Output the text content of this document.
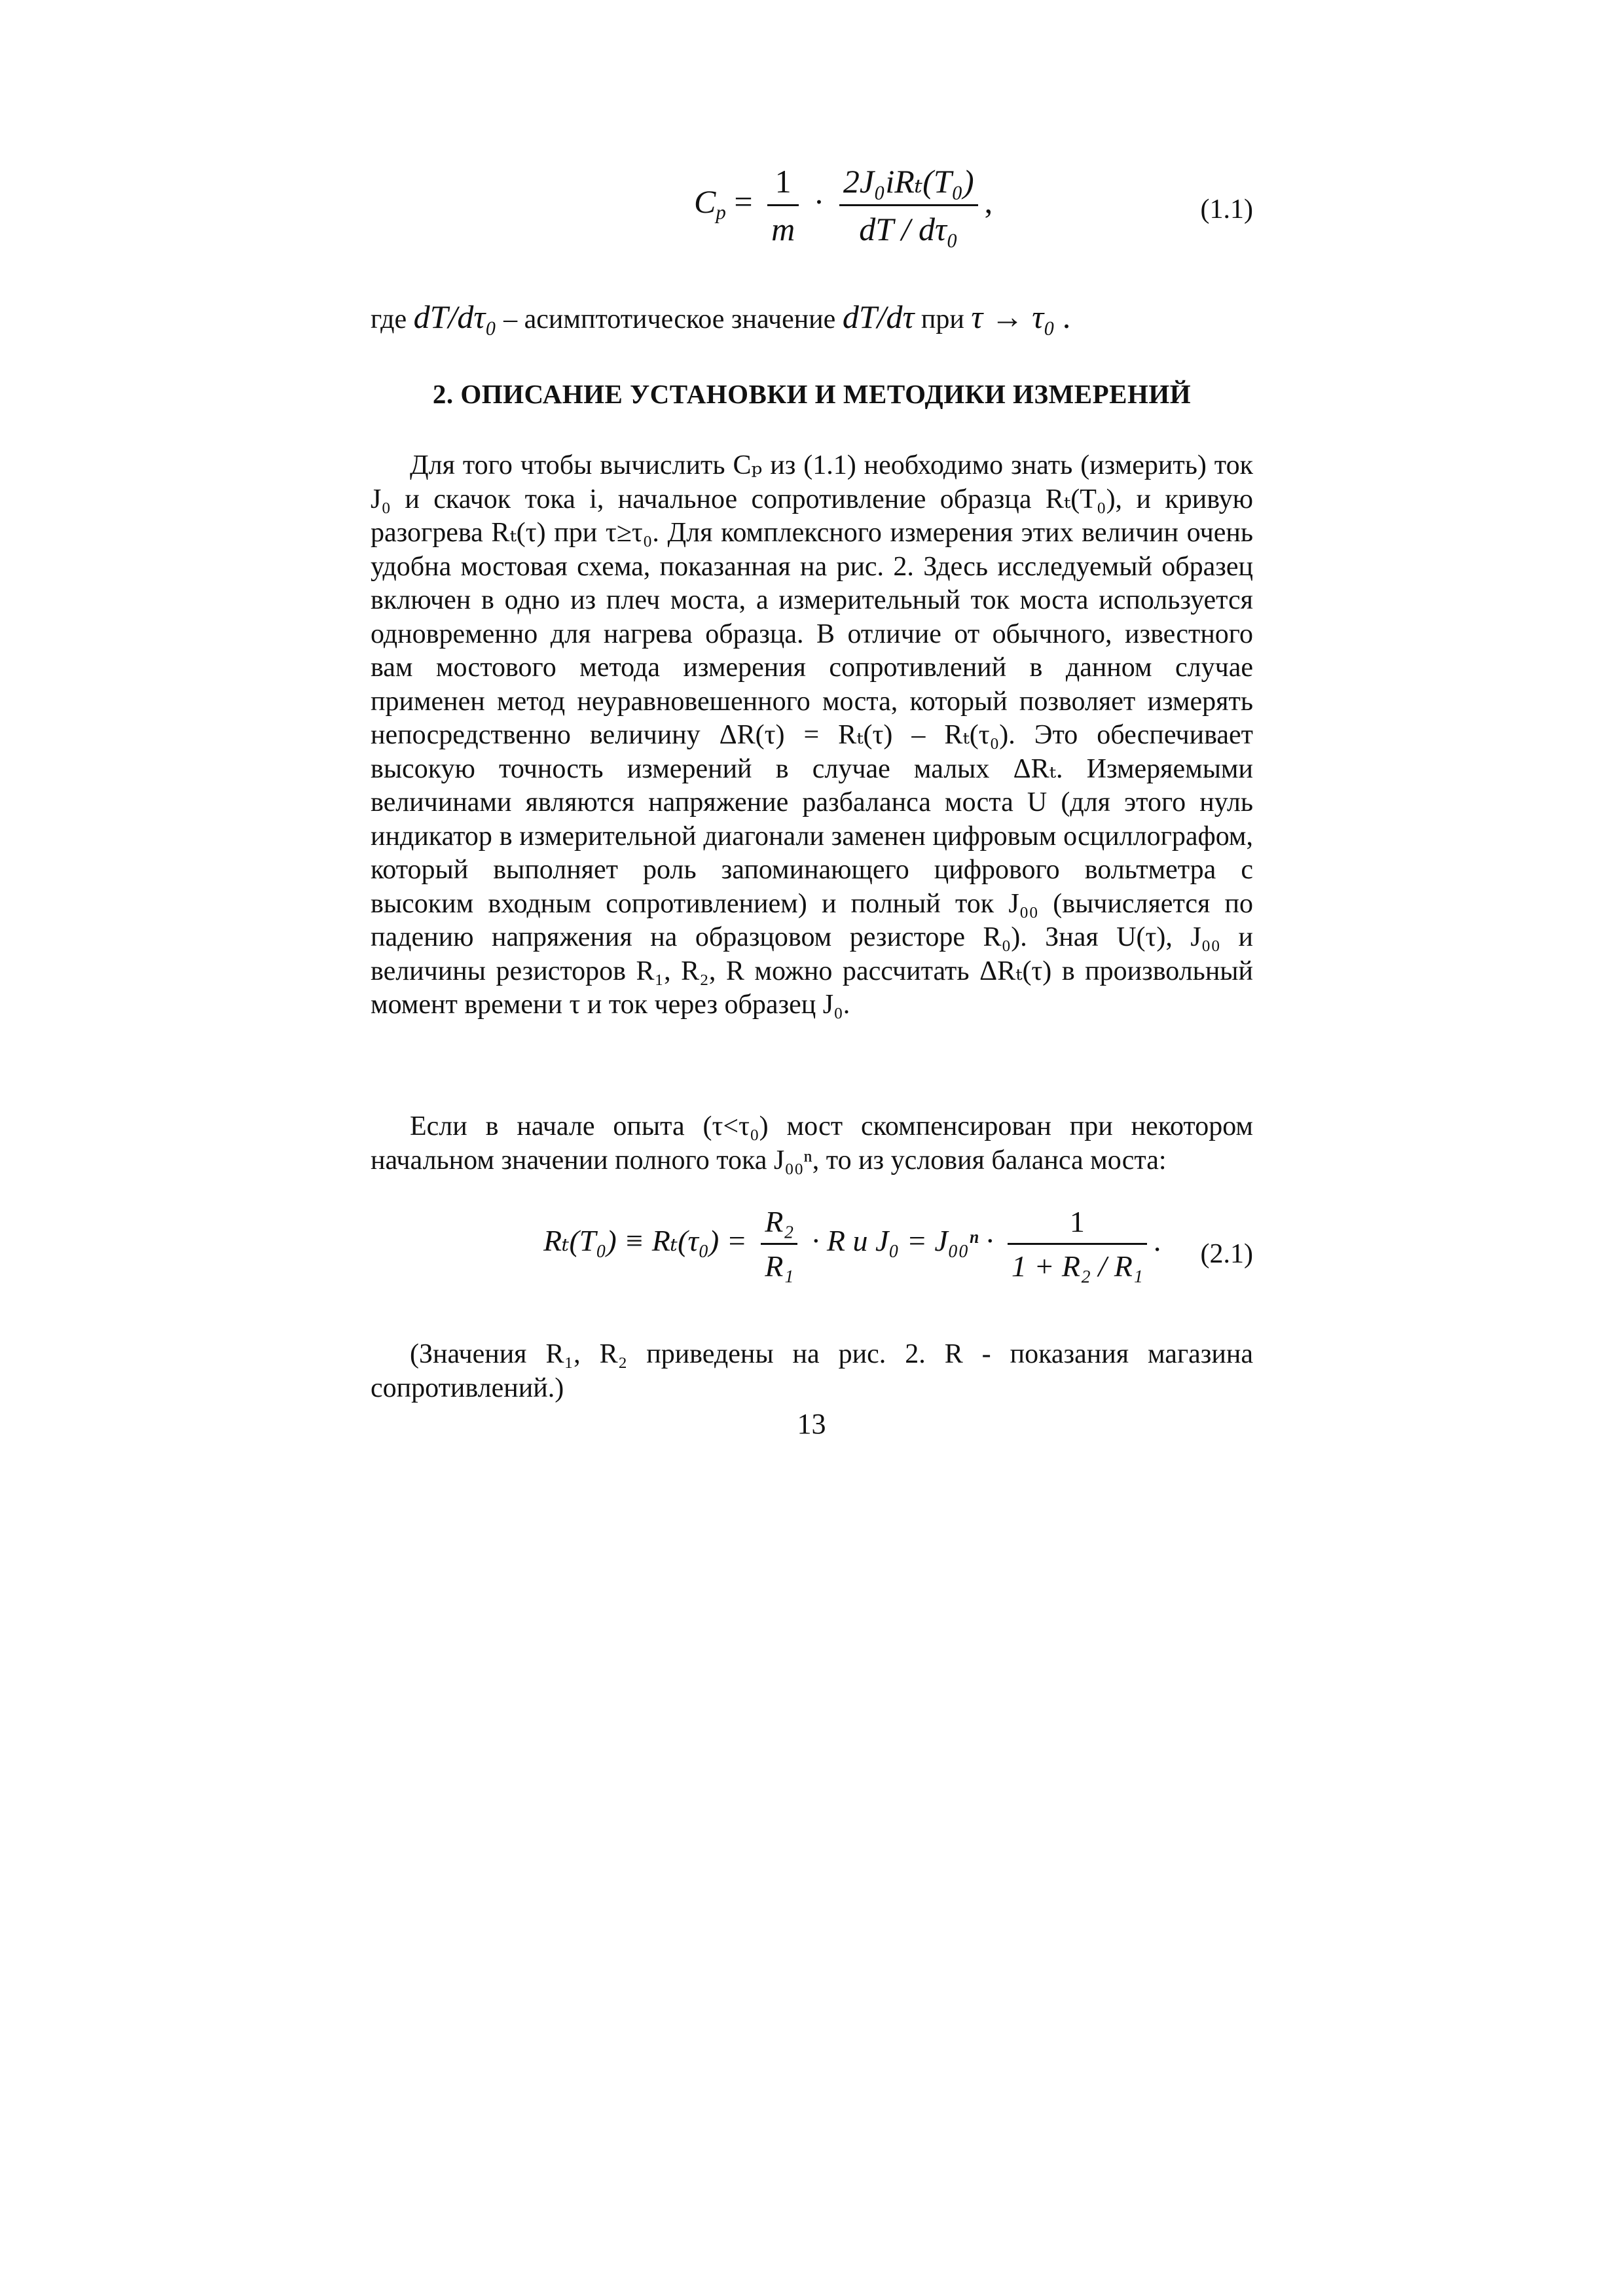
$C_p = \frac{1}{m} \cdot \frac{\text{2J₀iRₜ(T₀)}}{\text{dT / dτ₀}}$ ,	(1.1)
где dT/dτ₀ – асимптотическое значение dT/dτ при τ → τ₀ .
2. ОПИСАНИЕ УСТАНОВКИ И МЕТОДИКИ ИЗМЕРЕНИЙ

Для того чтобы вычислить Cₚ из (1.1) необходимо знать (измерить) ток J₀ и скачок тока i, начальное сопротивление образца Rₜ(T₀), и кривую разогрева Rₜ(τ) при τ≥τ₀. Для комплексного измерения этих величин очень удобна мостовая схема, показанная на рис. 2. Здесь исследуемый образец включен в одно из плеч моста, а измерительный ток моста используется одновременно для нагрева образца. В отличие от обычного, известного вам мостового метода измерения сопротивлений в данном случае применен метод неуравновешенного моста, который позволяет измерять непосредственно величину ΔR(τ) = Rₜ(τ) – Rₜ(τ₀). Это обеспечивает высокую точность измерений в случае малых ΔRₜ. Измеряемыми величинами являются напряжение разбаланса моста U (для этого нуль индикатор в измерительной диагонали заменен цифровым осциллографом, который выполняет роль запоминающего цифрового вольтметра с высоким входным сопротивлением) и полный ток J₀₀ (вычисляется по падению напряжения на образцовом резисторе R₀). Зная U(τ), J₀₀ и величины резисторов R₁, R₂, R можно рассчитать ΔRₜ(τ) в произвольный момент времени τ и ток через образец J₀.

Если в начале опыта (τ<τ₀) мост скомпенсирован при некотором начальном значении полного тока J₀₀ⁿ, то из условия баланса моста:

$R_t(T_0) \equiv R_t(\tau_0) = \frac{\text{R₂}}{\text{R₁}} \cdot R$ и $J_0 = J_{00}^n \cdot \frac{1}{\text{1 + R₂ / R₁}}$ . (2.1)

(Значения R₁, R₂ приведены на рис. 2. R - показания магазина сопротивлений.)

13
